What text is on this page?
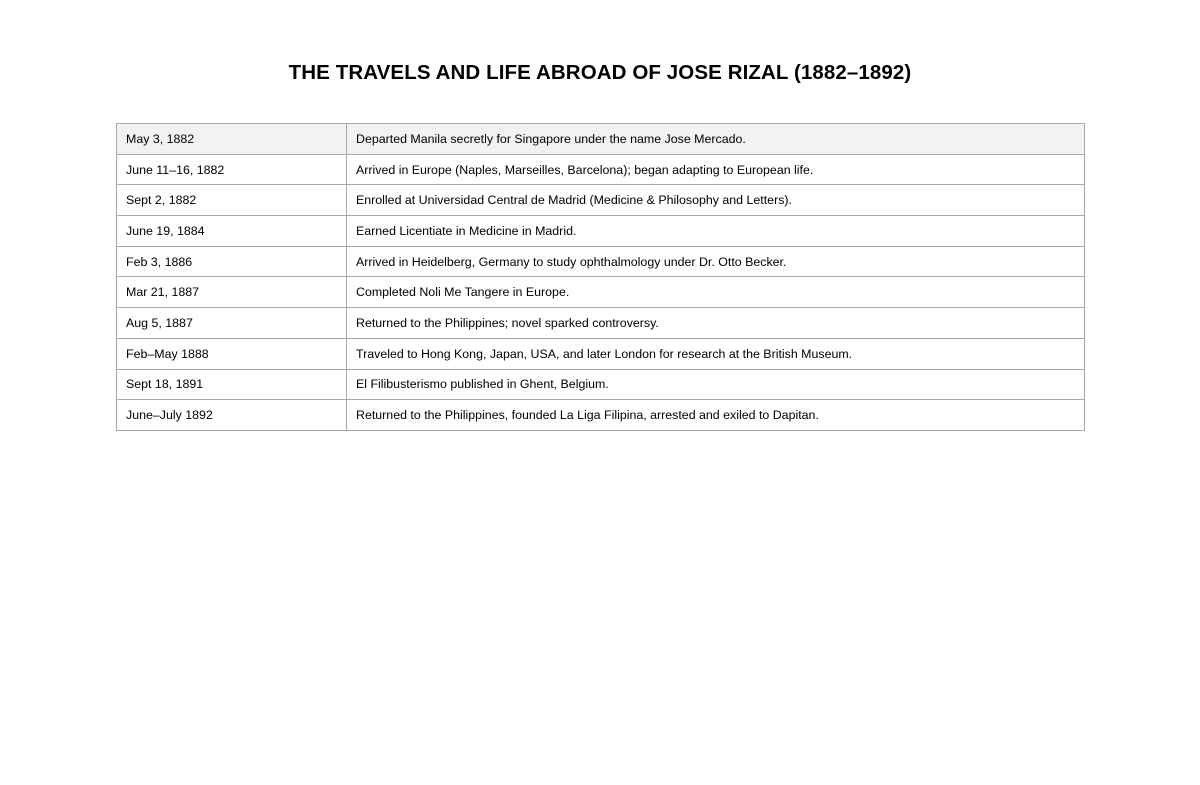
THE TRAVELS AND LIFE ABROAD OF JOSE RIZAL (1882–1892)
May 3, 1882	Departed Manila secretly for Singapore under the name Jose Mercado.
June 11–16, 1882	Arrived in Europe (Naples, Marseilles, Barcelona); began adapting to European life.
Sept 2, 1882	Enrolled at Universidad Central de Madrid (Medicine & Philosophy and Letters).
June 19, 1884	Earned Licentiate in Medicine in Madrid.
Feb 3, 1886	Arrived in Heidelberg, Germany to study ophthalmology under Dr. Otto Becker.
Mar 21, 1887	Completed Noli Me Tangere in Europe.
Aug 5, 1887	Returned to the Philippines; novel sparked controversy.
Feb–May 1888	Traveled to Hong Kong, Japan, USA, and later London for research at the British Museum.
Sept 18, 1891	El Filibusterismo published in Ghent, Belgium.
June–July 1892	Returned to the Philippines, founded La Liga Filipina, arrested and exiled to Dapitan.
